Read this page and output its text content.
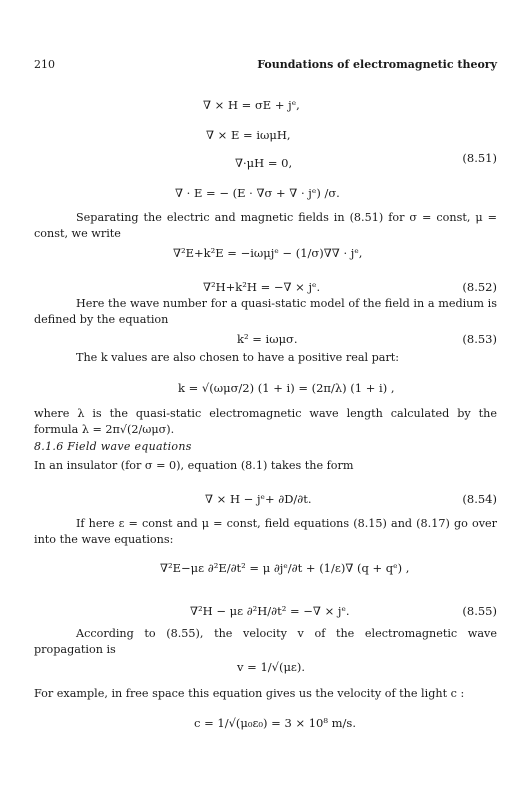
210	Foundations of electromagnetic theory
∇ × H = σE + jᵉ,
∇ × E = iωμH,
∇·μH = 0,	(8.51)
∇ · E = − (E · ∇σ + ∇ · jᵉ) /σ.
Separating the electric and magnetic fields in (8.51) for σ = const, μ = const, we write
∇²E+k²E = −iωμjᵉ − (1/σ)∇∇ · jᵉ,
∇²H+k²H = −∇ × jᵉ.	(8.52)
Here the wave number for a quasi-static model of the field in a medium is defined by the equation
k² = iωμσ.	(8.53)
The k values are also chosen to have a positive real part:
k = √(ωμσ/2) (1 + i) = (2π/λ) (1 + i) ,
where λ is the quasi-static electromagnetic wave length calculated by the formula λ = 2π√(2/ωμσ).
8.1.6 Field wave equations
In an insulator (for σ = 0), equation (8.1) takes the form
∇ × H − jᵉ+ ∂D/∂t.	(8.54)
If here ε = const and μ = const, field equations (8.15) and (8.17) go over into the wave equations:
∇²E−με ∂²E/∂t² = μ ∂jᵉ/∂t + (1/ε)∇ (q + qᵉ) ,
∇²H − με ∂²H/∂t² = −∇ × jᵉ.	(8.55)
According to (8.55), the velocity v of the electromagnetic wave propagation is
v = 1/√(με).
For example, in free space this equation gives us the velocity of the light c :
c = 1/√(μ₀ε₀) = 3 × 10⁸ m/s.
